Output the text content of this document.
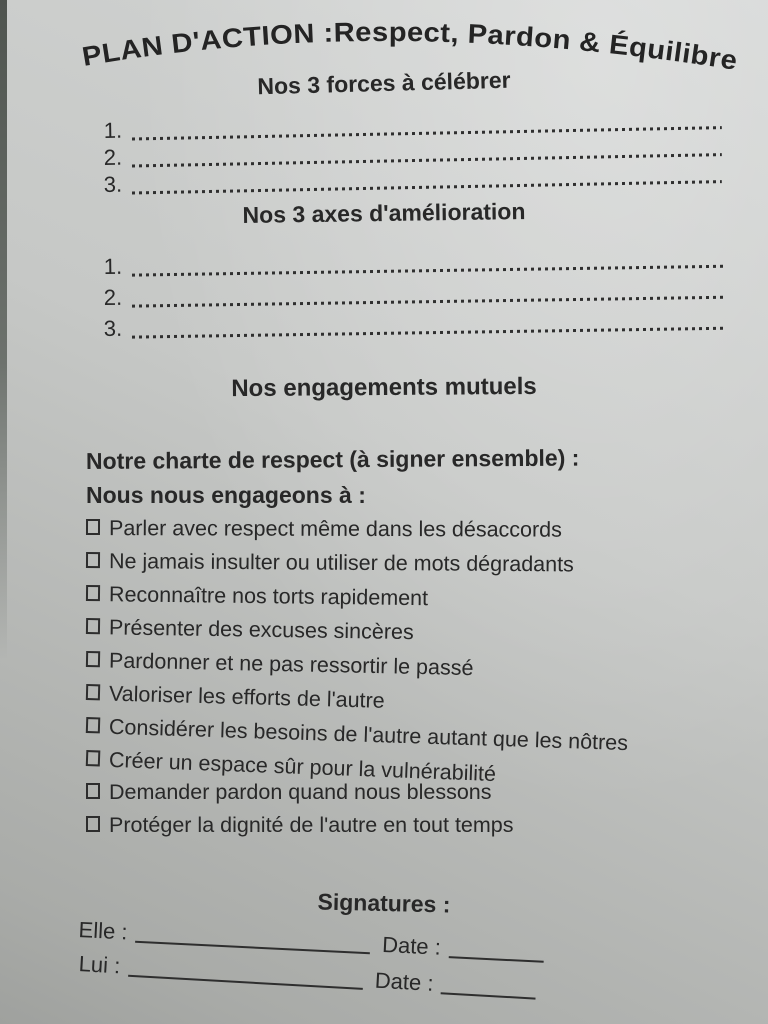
PLAN D'ACTION :Respect, Pardon & Équilibre
Nos 3 forces à célébrer
1.
2.
3.
Nos 3 axes d'amélioration
1.
2.
3.
Nos engagements mutuels
Notre charte de respect (à signer ensemble) :
Nous nous engageons à :
Parler avec respect même dans les désaccords
Ne jamais insulter ou utiliser de mots dégradants
Reconnaître nos torts rapidement
Présenter des excuses sincères
Pardonner et ne pas ressortir le passé
Valoriser les efforts de l'autre
Considérer les besoins de l'autre autant que les nôtres
Créer un espace sûr pour la vulnérabilité
Demander pardon quand nous blessons
Protéger la dignité de l'autre en tout temps
Signatures :
Elle :
Date :
Lui :
Date :
